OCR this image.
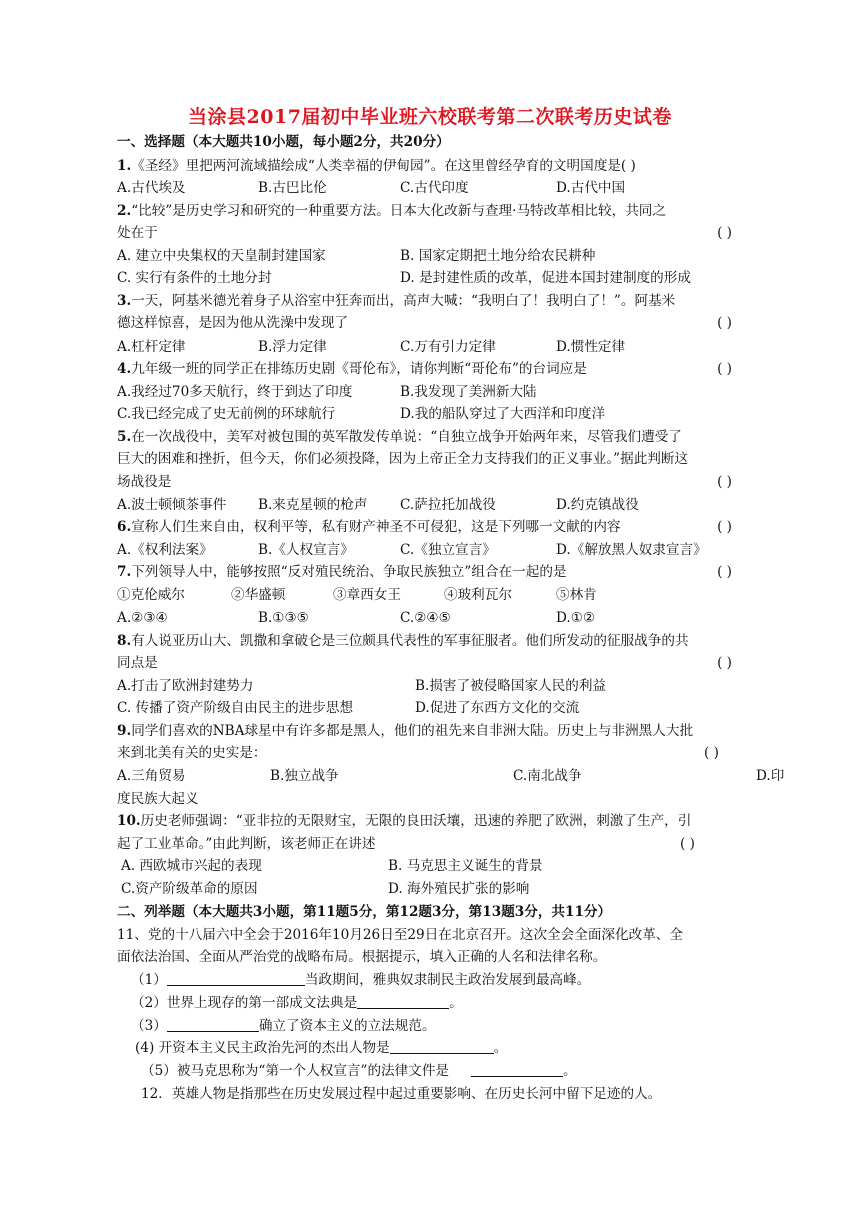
当涂县2017届初中毕业班六校联考第二次联考历史试卷
一、选择题（本大题共10小题，每小题2分，共20分）
1.《圣经》里把两河流域描绘成“人类幸福的伊甸园”。在这里曾经孕育的文明国度是( )
A.古代埃及	B.古巴比伦	C.古代印度	D.古代中国
2.“比较”是历史学习和研究的一种重要方法。日本大化改新与查理·马特改革相比较，共同之
处在于	( )
A. 建立中央集权的天皇制封建国家	B. 国家定期把土地分给农民耕种
C. 实行有条件的土地分封	D. 是封建性质的改革，促进本国封建制度的形成
3.一天，阿基米德光着身子从浴室中狂奔而出，高声大喊：“我明白了！我明白了！”。阿基米
德这样惊喜，是因为他从洗澡中发现了	( )
A.杠杆定律	B.浮力定律	C.万有引力定律	D.惯性定律
4.九年级一班的同学正在排练历史剧《哥伦布》，请你判断“哥伦布”的台词应是	( )
A.我经过70多天航行，终于到达了印度	B.我发现了美洲新大陆
C.我已经完成了史无前例的环球航行	D.我的船队穿过了大西洋和印度洋
5.在一次战役中，美军对被包围的英军散发传单说：“自独立战争开始两年来，尽管我们遭受了
巨大的困难和挫折，但今天，你们必须投降，因为上帝正全力支持我们的正义事业。”据此判断这
场战役是	( )
A.波士顿倾茶事件 B.来克星顿的枪声 C.萨拉托加战役	D.约克镇战役
6.宣称人们生来自由，权利平等，私有财产神圣不可侵犯，这是下列哪一文献的内容	( )
A.《权利法案》	B.《人权宣言》	C.《独立宣言》	D.《解放黑人奴隶宣言》
7.下列领导人中，能够按照“反对殖民统治、争取民族独立”组合在一起的是	( )
①克伦威尔	②华盛顿	③章西女王	④玻利瓦尔	⑤林肯
A.②③④	B.①③⑤	C.②④⑤	D.①②
8.有人说亚历山大、凯撒和拿破仑是三位颇具代表性的军事征服者。他们所发动的征服战争的共
同点是	( )
A.打击了欧洲封建势力	B.损害了被侵略国家人民的利益
C. 传播了资产阶级自由民主的进步思想	D.促进了东西方文化的交流
9.同学们喜欢的NBA球星中有许多都是黑人，他们的祖先来自非洲大陆。历史上与非洲黑人大批
来到北美有关的史实是：	( )
A.三角贸易	B.独立战争	C.南北战争	D.印
度民族大起义
10.历史老师强调：“亚非拉的无限财宝，无限的良田沃壤，迅速的养肥了欧洲，刺激了生产，引
起了工业革命。”由此判断，该老师正在讲述	( )
A. 西欧城市兴起的表现	B. 马克思主义诞生的背景
C.资产阶级革命的原因	D. 海外殖民扩张的影响
二、列举题（本大题共3小题，第11题5分，第12题3分，第13题3分，共11分）
11、党的十八届六中全会于2016年10月26日至29日在北京召开。这次全会全面深化改革、全
面依法治国、全面从严治党的战略布局。根据提示，填入正确的人名和法律名称。
（1）	当政期间，雅典奴隶制民主政治发展到最高峰。
（2）世界上现存的第一部成文法典是	。
（3）	确立了资本主义的立法规范。
(4) 开资本主义民主政治先河的杰出人物是	。
（5）被马克思称为“第一个人权宣言”的法律文件是	。
12．英雄人物是指那些在历史发展过程中起过重要影响、在历史长河中留下足迹的人。
